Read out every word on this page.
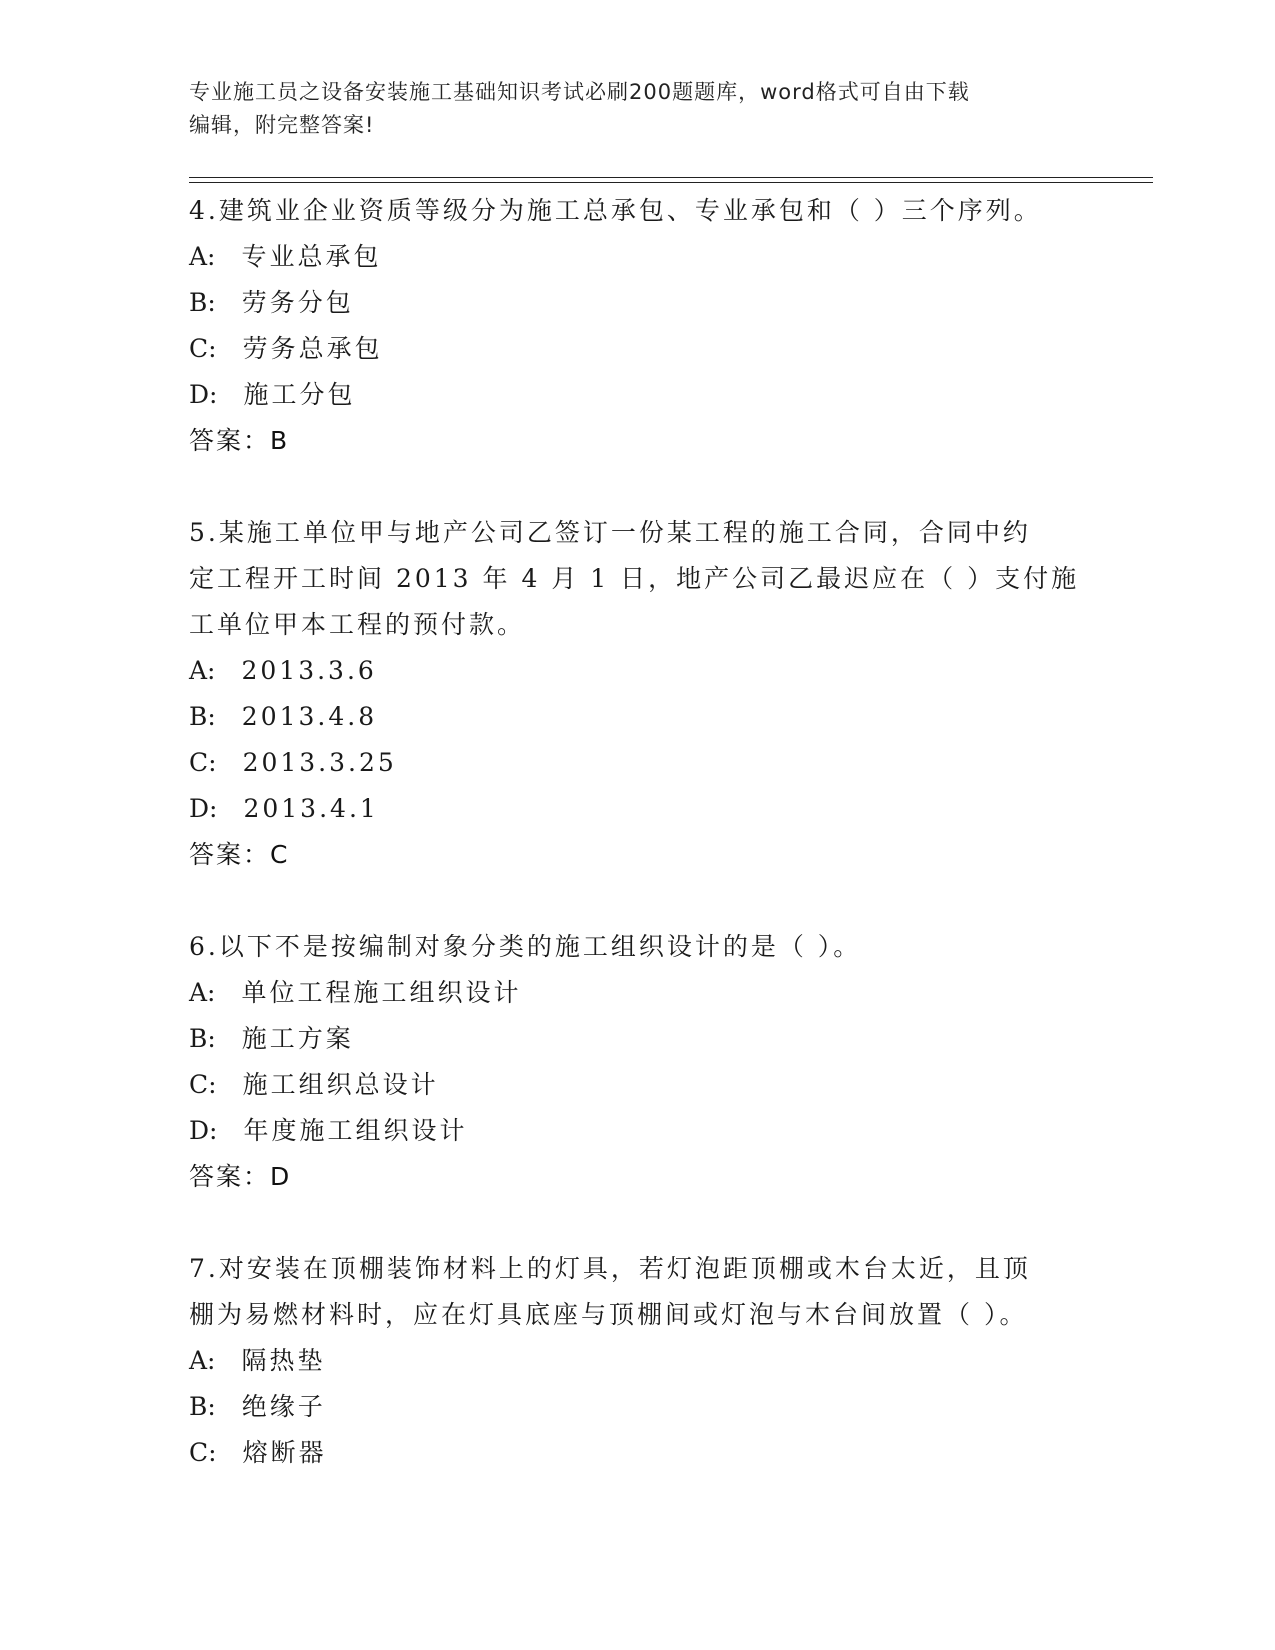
专业施工员之设备安装施工基础知识考试必刷200题题库，word格式可自由下载
编辑，附完整答案!
4.建筑业企业资质等级分为施工总承包、专业承包和（ ）三个序列。
A: 专业总承包
B: 劳务分包
C: 劳务总承包
D: 施工分包
答案：B
5.某施工单位甲与地产公司乙签订一份某工程的施工合同，合同中约
定工程开工时间 2013 年 4 月 1 日，地产公司乙最迟应在（ ）支付施
工单位甲本工程的预付款。
A: 2013.3.6
B: 2013.4.8
C: 2013.3.25
D: 2013.4.1
答案：C
6.以下不是按编制对象分类的施工组织设计的是（ ）。
A: 单位工程施工组织设计
B: 施工方案
C: 施工组织总设计
D: 年度施工组织设计
答案：D
7.对安装在顶棚装饰材料上的灯具，若灯泡距顶棚或木台太近，且顶
棚为易燃材料时，应在灯具底座与顶棚间或灯泡与木台间放置（ ）。
A: 隔热垫
B: 绝缘子
C: 熔断器
